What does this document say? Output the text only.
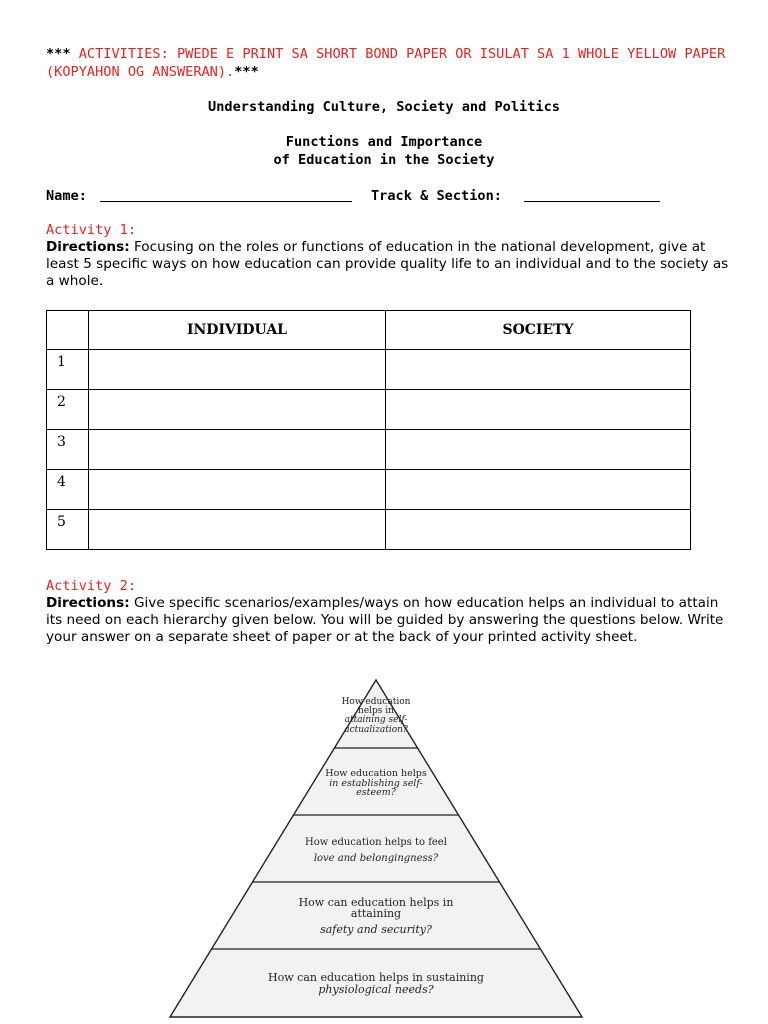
*** ACTIVITIES: PWEDE E PRINT SA SHORT BOND PAPER OR ISULAT SA 1 WHOLE YELLOW PAPER (KOPYAHON OG ANSWERAN).***
Understanding Culture, Society and Politics
Functions and Importance
of Education in the Society
Name:	Track & Section:
Activity 1:
Directions: Focusing on the roles or functions of education in the national development, give at least 5 specific ways on how education can provide quality life to an individual and to the society as a whole.
	INDIVIDUAL	SOCIETY
1		
2		
3		
4		
5		
Activity 2:
Directions: Give specific scenarios/examples/ways on how education helps an individual to attain its need on each hierarchy given below. You will be guided by answering the questions below. Write your answer on a separate sheet of paper or at the back of your printed activity sheet.
How education
helps in
attaining self-
actualization?
How education helps
in establishing self-
esteem?
How education helps to feel
love and belongingness?
How can education helps in
attaining
safety and security?
How can education helps in sustaining
physiological needs?
